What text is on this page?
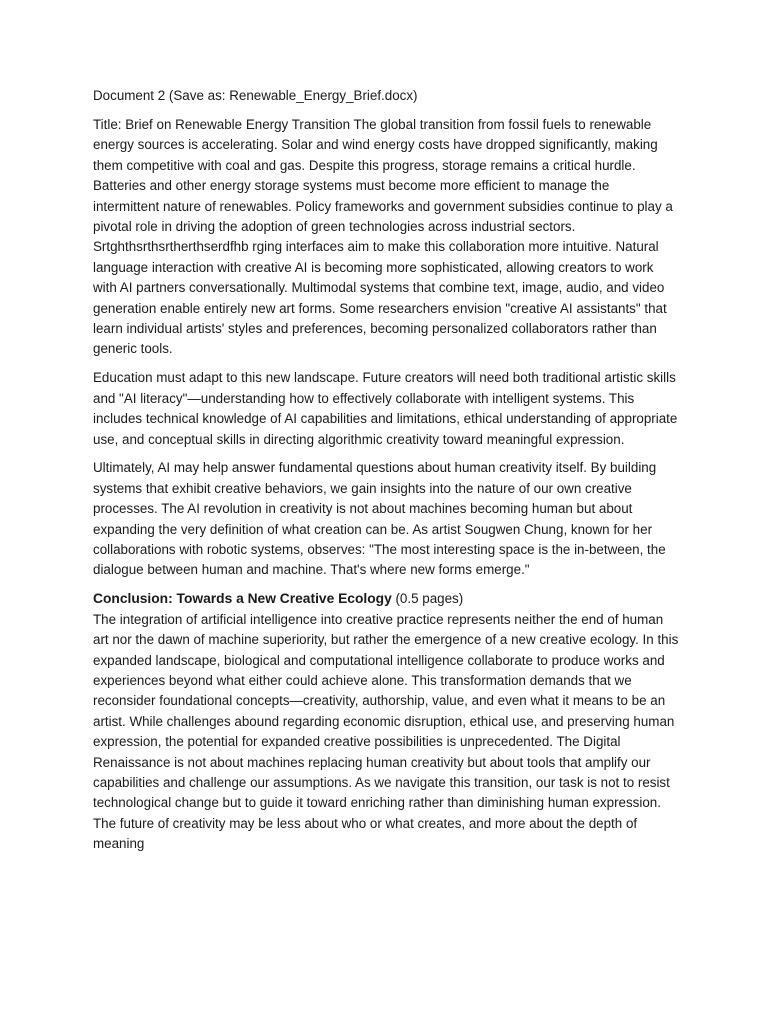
Document 2 (Save as: Renewable_Energy_Brief.docx)

Title: Brief on Renewable Energy Transition The global transition from fossil fuels to renewable energy sources is accelerating. Solar and wind energy costs have dropped significantly, making them competitive with coal and gas. Despite this progress, storage remains a critical hurdle. Batteries and other energy storage systems must become more efficient to manage the intermittent nature of renewables. Policy frameworks and government subsidies continue to play a pivotal role in driving the adoption of green technologies across industrial sectors. Srtghthsrthsrtherthserdfhb rging interfaces aim to make this collaboration more intuitive. Natural language interaction with creative AI is becoming more sophisticated, allowing creators to work with AI partners conversationally. Multimodal systems that combine text, image, audio, and video generation enable entirely new art forms. Some researchers envision "creative AI assistants" that learn individual artists' styles and preferences, becoming personalized collaborators rather than generic tools.

Education must adapt to this new landscape. Future creators will need both traditional artistic skills and "AI literacy"—understanding how to effectively collaborate with intelligent systems. This includes technical knowledge of AI capabilities and limitations, ethical understanding of appropriate use, and conceptual skills in directing algorithmic creativity toward meaningful expression.

Ultimately, AI may help answer fundamental questions about human creativity itself. By building systems that exhibit creative behaviors, we gain insights into the nature of our own creative processes. The AI revolution in creativity is not about machines becoming human but about expanding the very definition of what creation can be. As artist Sougwen Chung, known for her collaborations with robotic systems, observes: "The most interesting space is the in-between, the dialogue between human and machine. That's where new forms emerge."

Conclusion: Towards a New Creative Ecology (0.5 pages)

The integration of artificial intelligence into creative practice represents neither the end of human art nor the dawn of machine superiority, but rather the emergence of a new creative ecology. In this expanded landscape, biological and computational intelligence collaborate to produce works and experiences beyond what either could achieve alone. This transformation demands that we reconsider foundational concepts—creativity, authorship, value, and even what it means to be an artist. While challenges abound regarding economic disruption, ethical use, and preserving human expression, the potential for expanded creative possibilities is unprecedented. The Digital Renaissance is not about machines replacing human creativity but about tools that amplify our capabilities and challenge our assumptions. As we navigate this transition, our task is not to resist technological change but to guide it toward enriching rather than diminishing human expression. The future of creativity may be less about who or what creates, and more about the depth of meaning
